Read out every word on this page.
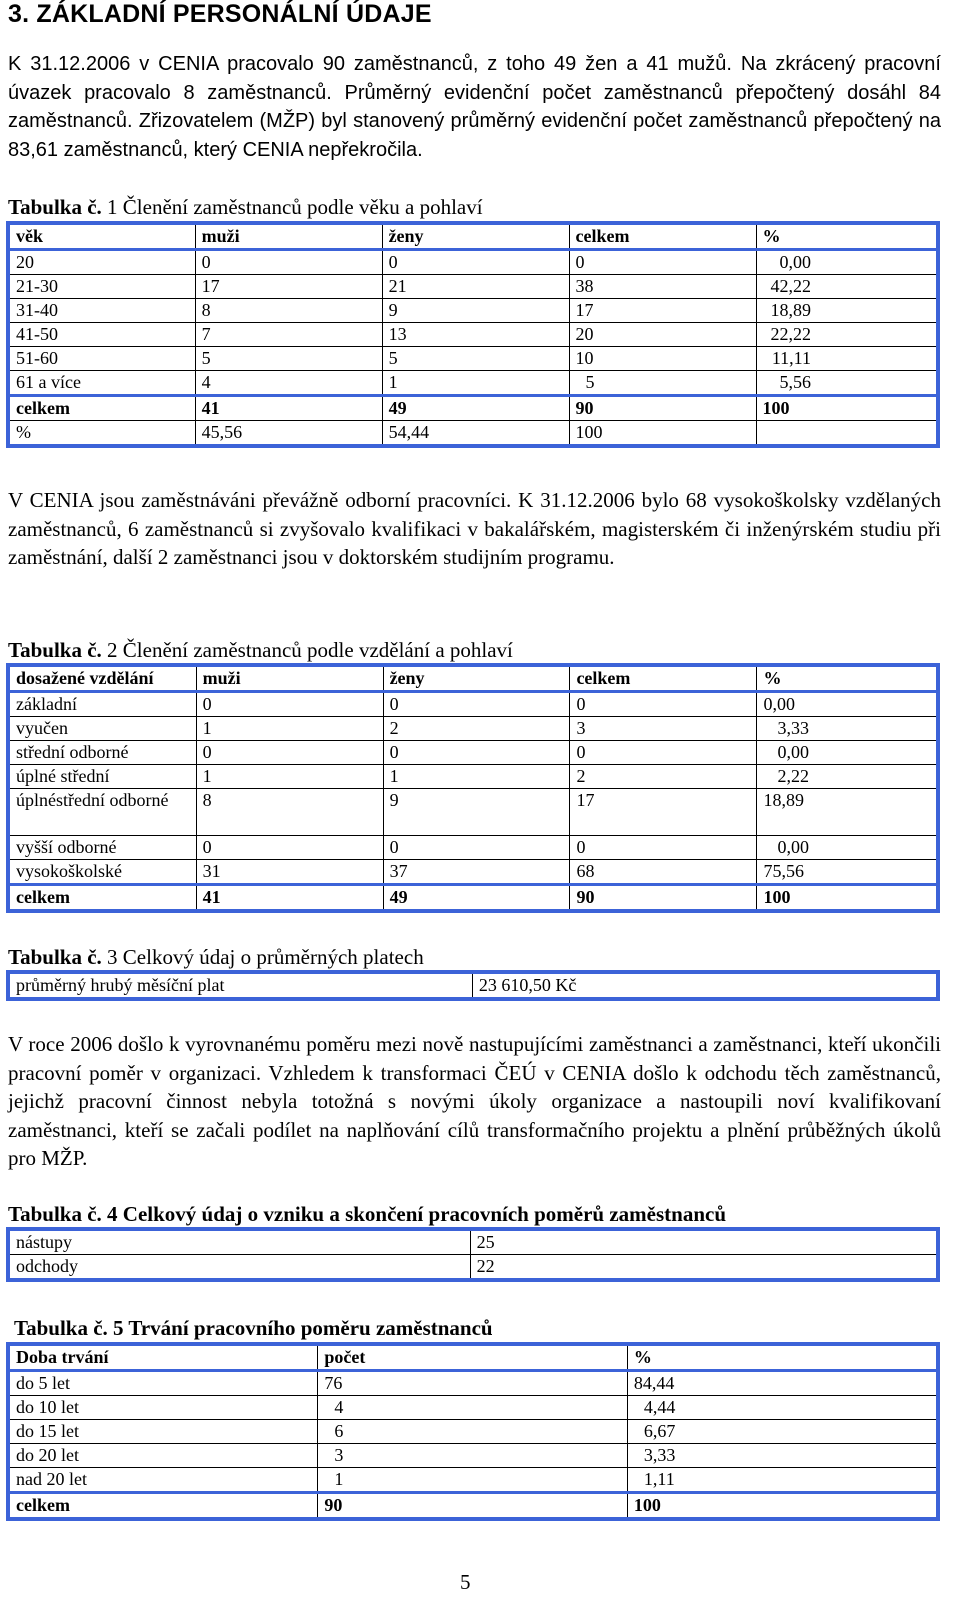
3. ZÁKLADNÍ PERSONÁLNÍ ÚDAJE

K 31.12.2006 v CENIA pracovalo 90 zaměstnanců, z toho 49 žen a 41 mužů. Na zkrácený pracovní úvazek pracovalo 8 zaměstnanců. Průměrný evidenční počet zaměstnanců přepočtený dosáhl 84 zaměstnanců. Zřizovatelem (MŽP) byl stanovený průměrný evidenční počet zaměstnanců přepočtený na 83,61 zaměstnanců, který CENIA nepřekročila.

Tabulka č. 1 Členění zaměstnanců podle věku a pohlaví
věk	muži	ženy	celkem	%
20	0	0	0	0,00
21-30	17	21	38	42,22
31-40	8	9	17	18,89
41-50	7	13	20	22,22
51-60	5	5	10	11,11
61 a více	4	1	5	5,56
celkem	41	49	90	100
%	45,56	54,44	100	

V CENIA jsou zaměstnáváni převážně odborní pracovníci. K 31.12.2006 bylo 68 vysokoškolsky vzdělaných zaměstnanců, 6 zaměstnanců si zvyšovalo kvalifikaci v bakalářském, magisterském či inženýrském studiu při zaměstnání, další 2 zaměstnanci jsou v doktorském studijním programu.

Tabulka č. 2 Členění zaměstnanců podle vzdělání a pohlaví
dosažené vzdělání	muži	ženy	celkem	%
základní	0	0	0	0,00
vyučen	1	2	3	3,33
střední odborné	0	0	0	0,00
úplné střední	1	1	2	2,22
úplnéstřední odborné	8	9	17	18,89
vyšší odborné	0	0	0	0,00
vysokoškolské	31	37	68	75,56
celkem	41	49	90	100
Tabulka č. 3 Celkový údaj o průměrných platech
průměrný hrubý měsíční plat	23 610,50 Kč

V roce 2006 došlo k vyrovnanému poměru mezi nově nastupujícími zaměstnanci a zaměstnanci, kteří ukončili pracovní poměr v organizaci. Vzhledem k transformaci ČEÚ v CENIA došlo k odchodu těch zaměstnanců, jejichž pracovní činnost nebyla totožná s novými úkoly organizace a nastoupili noví kvalifikovaní zaměstnanci, kteří se začali podílet na naplňování cílů transformačního projektu a plnění průběžných úkolů pro MŽP.

Tabulka č. 4 Celkový údaj o vzniku a skončení pracovních poměrů zaměstnanců
nástupy	25
odchody	22
Tabulka č. 5 Trvání pracovního poměru zaměstnanců
Doba trvání	počet	%
do 5 let	76	84,44
do 10 let	4	4,44
do 15 let	6	6,67
do 20 let	3	3,33
nad 20 let	1	1,11
celkem	90	100
5
